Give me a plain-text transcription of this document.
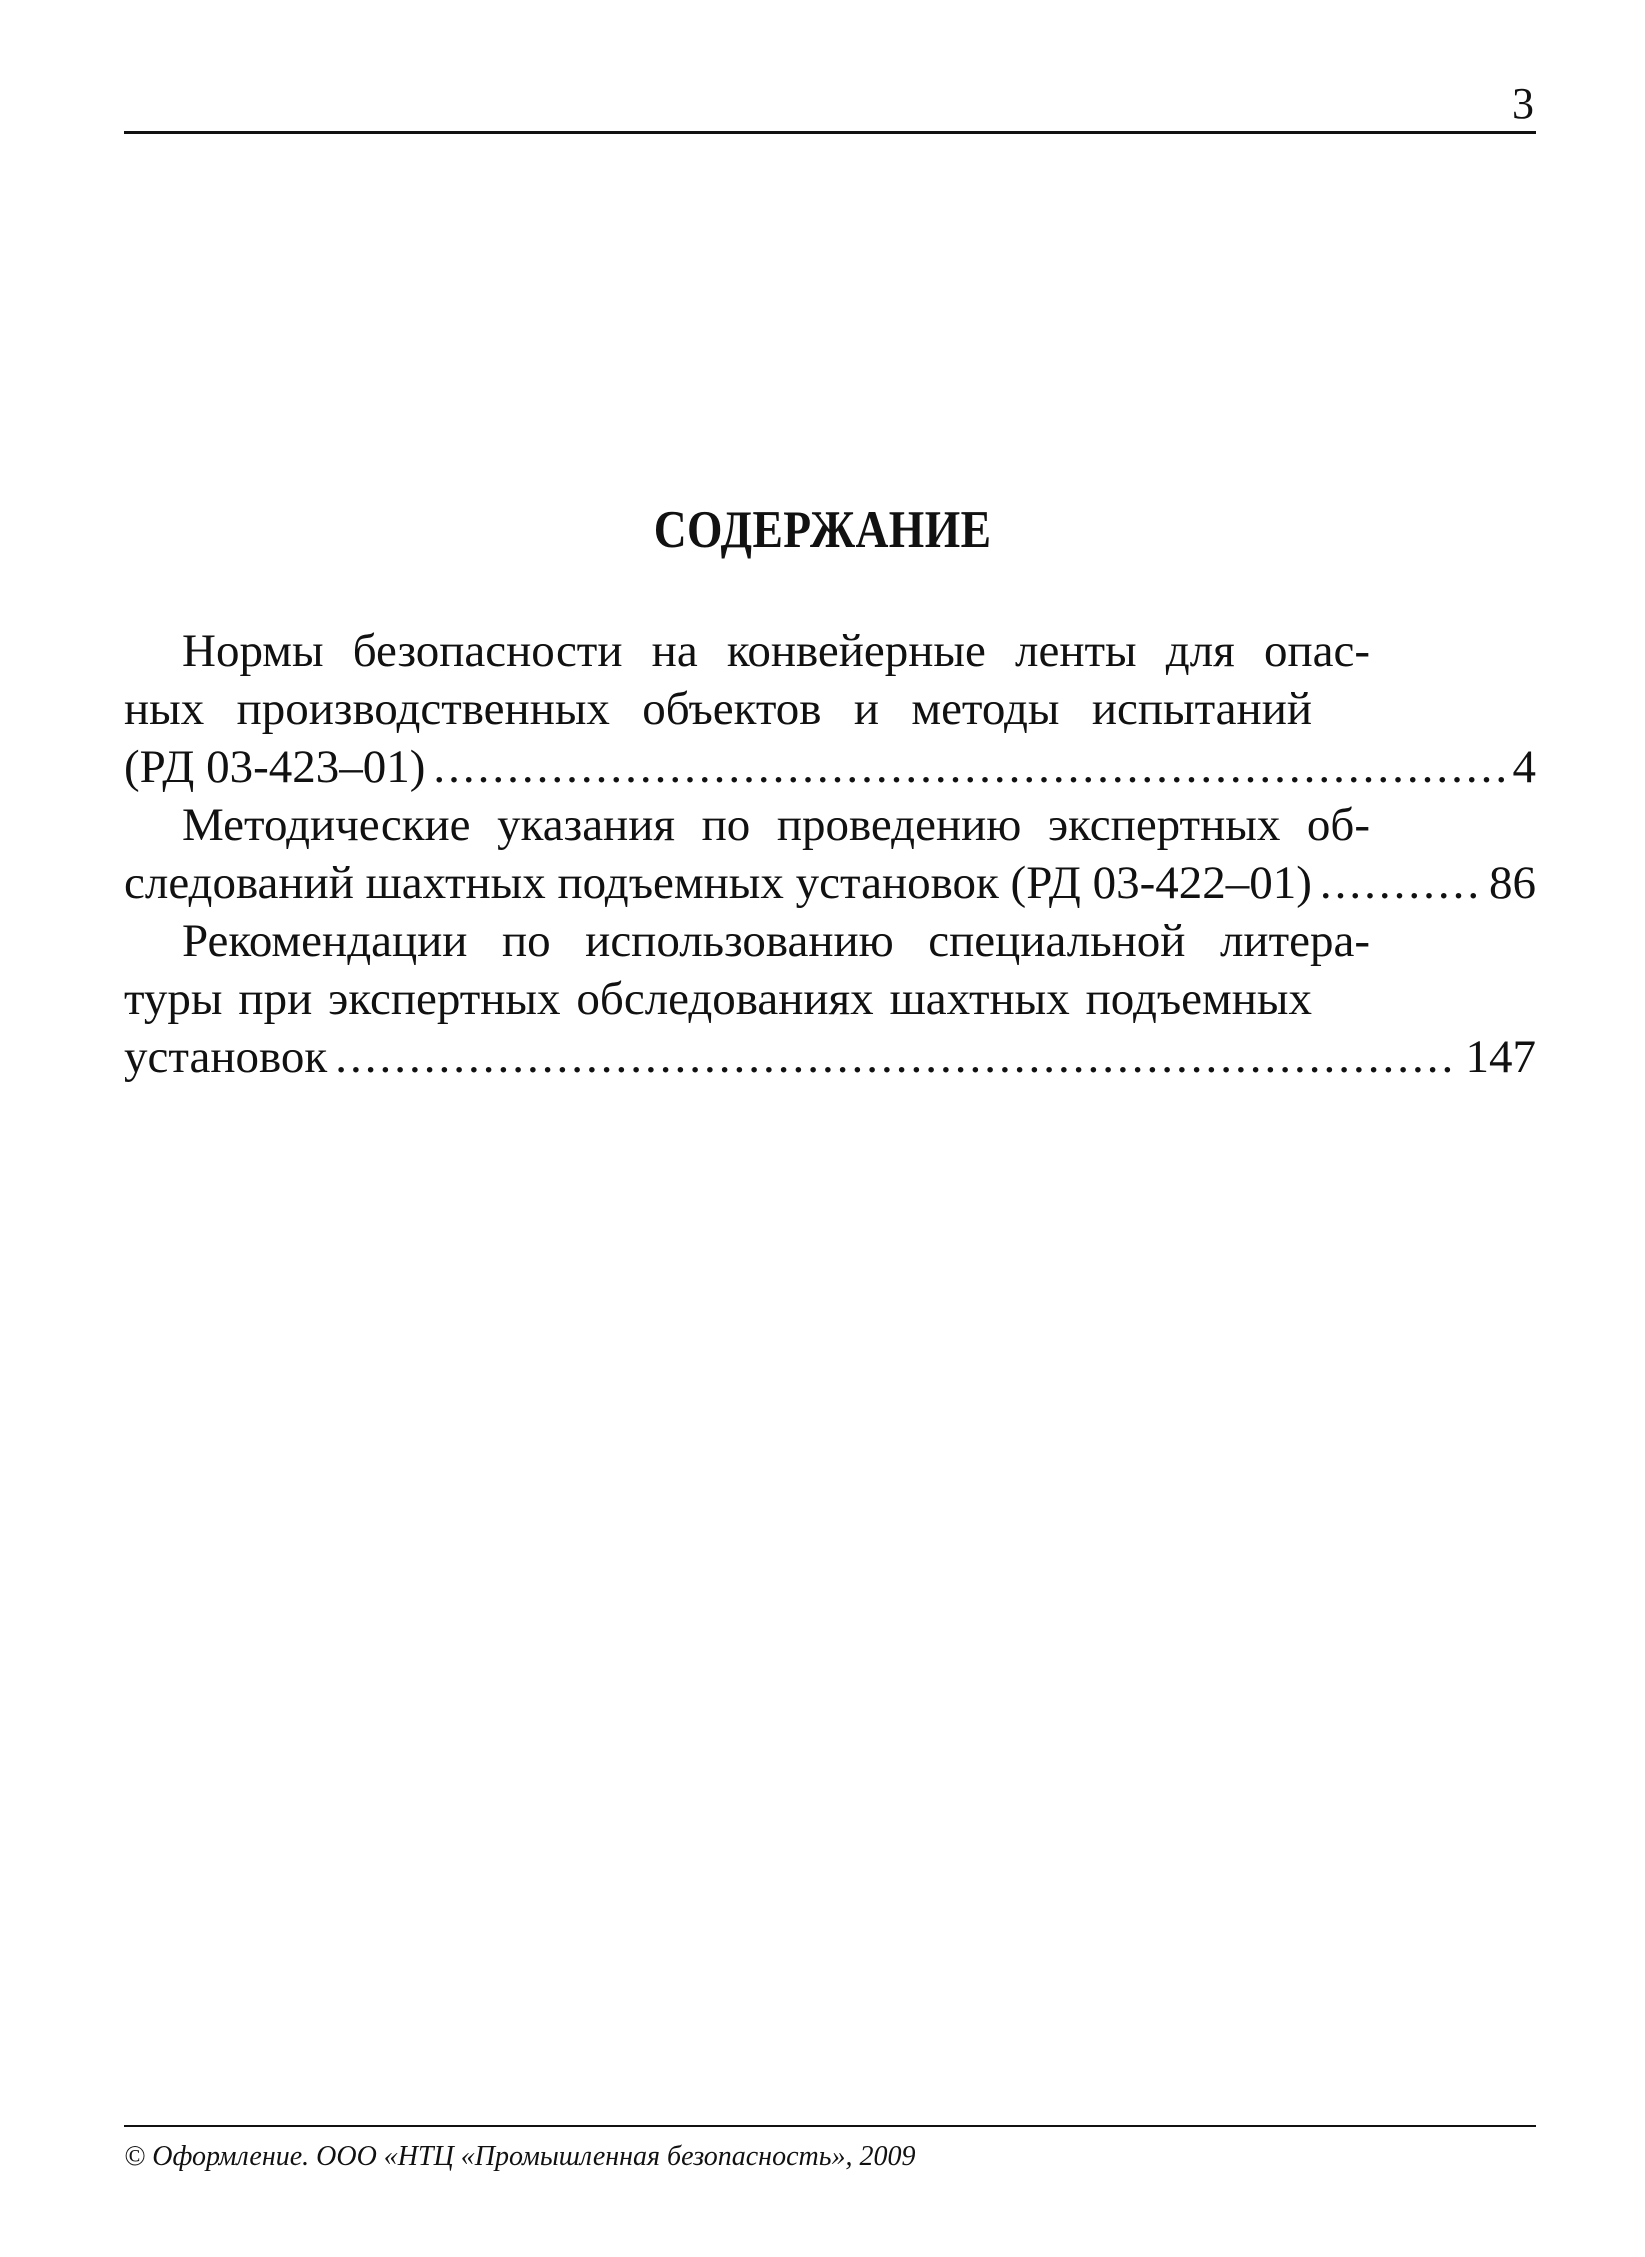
3
СОДЕРЖАНИЕ
Нормы безопасности на конвейерные ленты для опас-
ных производственных объектов и методы испытаний
(РД 03-423–01) .....	4
Методические указания по проведению экспертных об-
следований шахтных подъемных установок (РД 03-422–01) .....	86
Рекомендации по использованию специальной литера-
туры при экспертных обследованиях шахтных подъемных
установок .....	147
© Оформление. ООО «НТЦ «Промышленная безопасность», 2009
